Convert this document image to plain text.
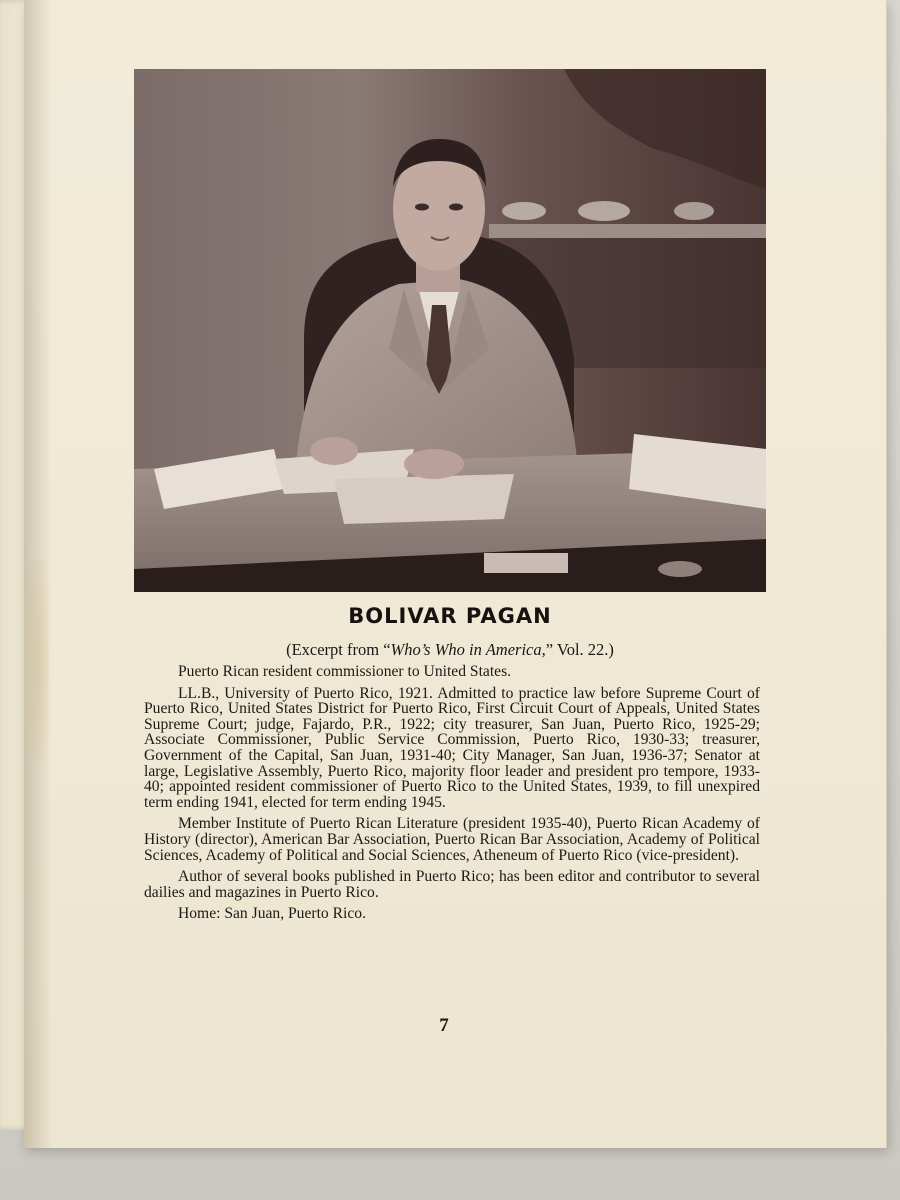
BOLIVAR PAGAN
(Excerpt from “Who’s Who in America,” Vol. 22.)

Puerto Rican resident commissioner to United States.

LL.B., University of Puerto Rico, 1921. Admitted to practice law before Supreme Court of Puerto Rico, United States District for Puerto Rico, First Circuit Court of Appeals, United States Supreme Court; judge, Fajardo, P.R., 1922; city treasurer, San Juan, Puerto Rico, 1925-29; Associate Commissioner, Public Service Commission, Puerto Rico, 1930-33; treasurer, Government of the Capital, San Juan, 1931-40; City Manager, San Juan, 1936-37; Senator at large, Legislative Assembly, Puerto Rico, majority floor leader and president pro tempore, 1933-40; appointed resident commissioner of Puerto Rico to the United States, 1939, to fill unexpired term ending 1941, elected for term ending 1945.

Member Institute of Puerto Rican Literature (president 1935-40), Puerto Rican Academy of History (director), American Bar Association, Puerto Rican Bar Association, Academy of Political Sciences, Academy of Political and Social Sciences, Atheneum of Puerto Rico (vice-president).

Author of several books published in Puerto Rico; has been editor and contributor to several dailies and magazines in Puerto Rico.

Home: San Juan, Puerto Rico.

7
